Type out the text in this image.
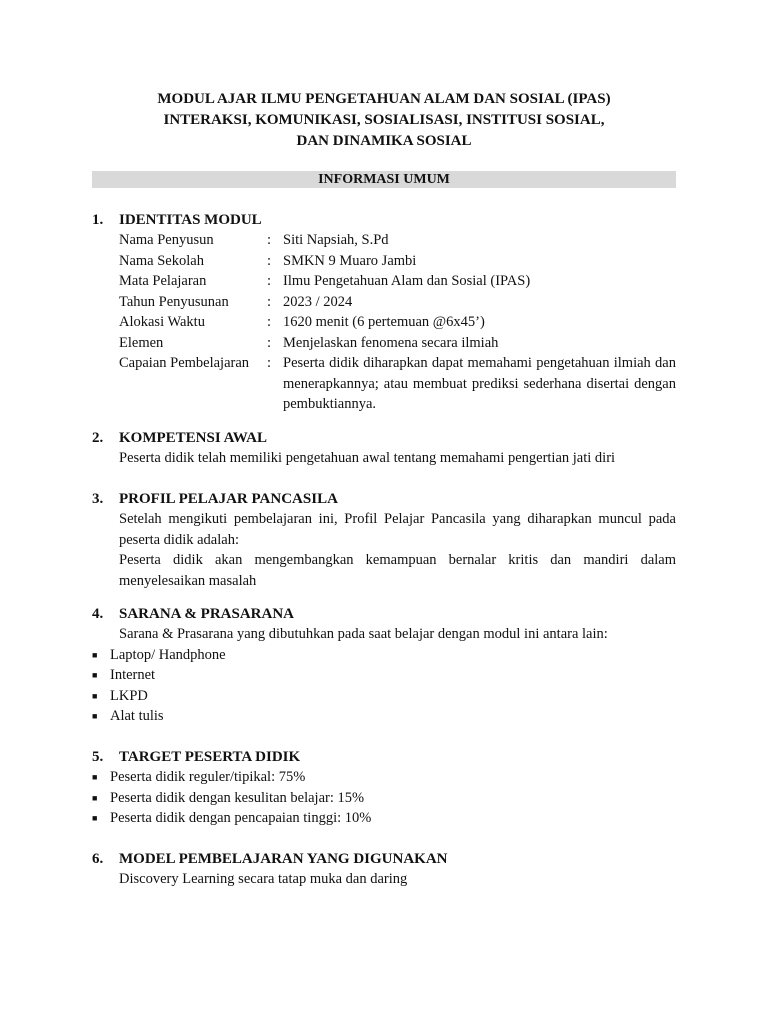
MODUL AJAR ILMU PENGETAHUAN ALAM DAN SOSIAL (IPAS)
INTERAKSI, KOMUNIKASI, SOSIALISASI, INSTITUSI SOSIAL,
DAN DINAMIKA SOSIAL
INFORMASI UMUM
1. IDENTITAS MODUL
Nama Penyusun	: Siti Napsiah, S.Pd
Nama Sekolah	: SMKN 9 Muaro Jambi
Mata Pelajaran	: Ilmu Pengetahuan Alam dan Sosial (IPAS)
Tahun Penyusunan	: 2023 / 2024
Alokasi Waktu	: 1620 menit (6 pertemuan @6x45’)
Elemen	: Menjelaskan fenomena secara ilmiah
Capaian Pembelajaran	: Peserta didik diharapkan dapat memahami pengetahuan ilmiah dan menerapkannya; atau membuat prediksi sederhana disertai dengan pembuktiannya.
2. KOMPETENSI AWAL
Peserta didik telah memiliki pengetahuan awal tentang memahami pengertian jati diri
3. PROFIL PELAJAR PANCASILA
Setelah mengikuti pembelajaran ini, Profil Pelajar Pancasila yang diharapkan muncul pada peserta didik adalah:
Peserta didik akan mengembangkan kemampuan bernalar kritis dan mandiri dalam menyelesaikan masalah
4. SARANA & PRASARANA
Sarana & Prasarana yang dibutuhkan pada saat belajar dengan modul ini antara lain:
■ Laptop/ Handphone
■ Internet
■ LKPD
■ Alat tulis
5. TARGET PESERTA DIDIK
■ Peserta didik reguler/tipikal: 75%
■ Peserta didik dengan kesulitan belajar: 15%
■ Peserta didik dengan pencapaian tinggi: 10%
6. MODEL PEMBELAJARAN YANG DIGUNAKAN
Discovery Learning secara tatap muka dan daring
